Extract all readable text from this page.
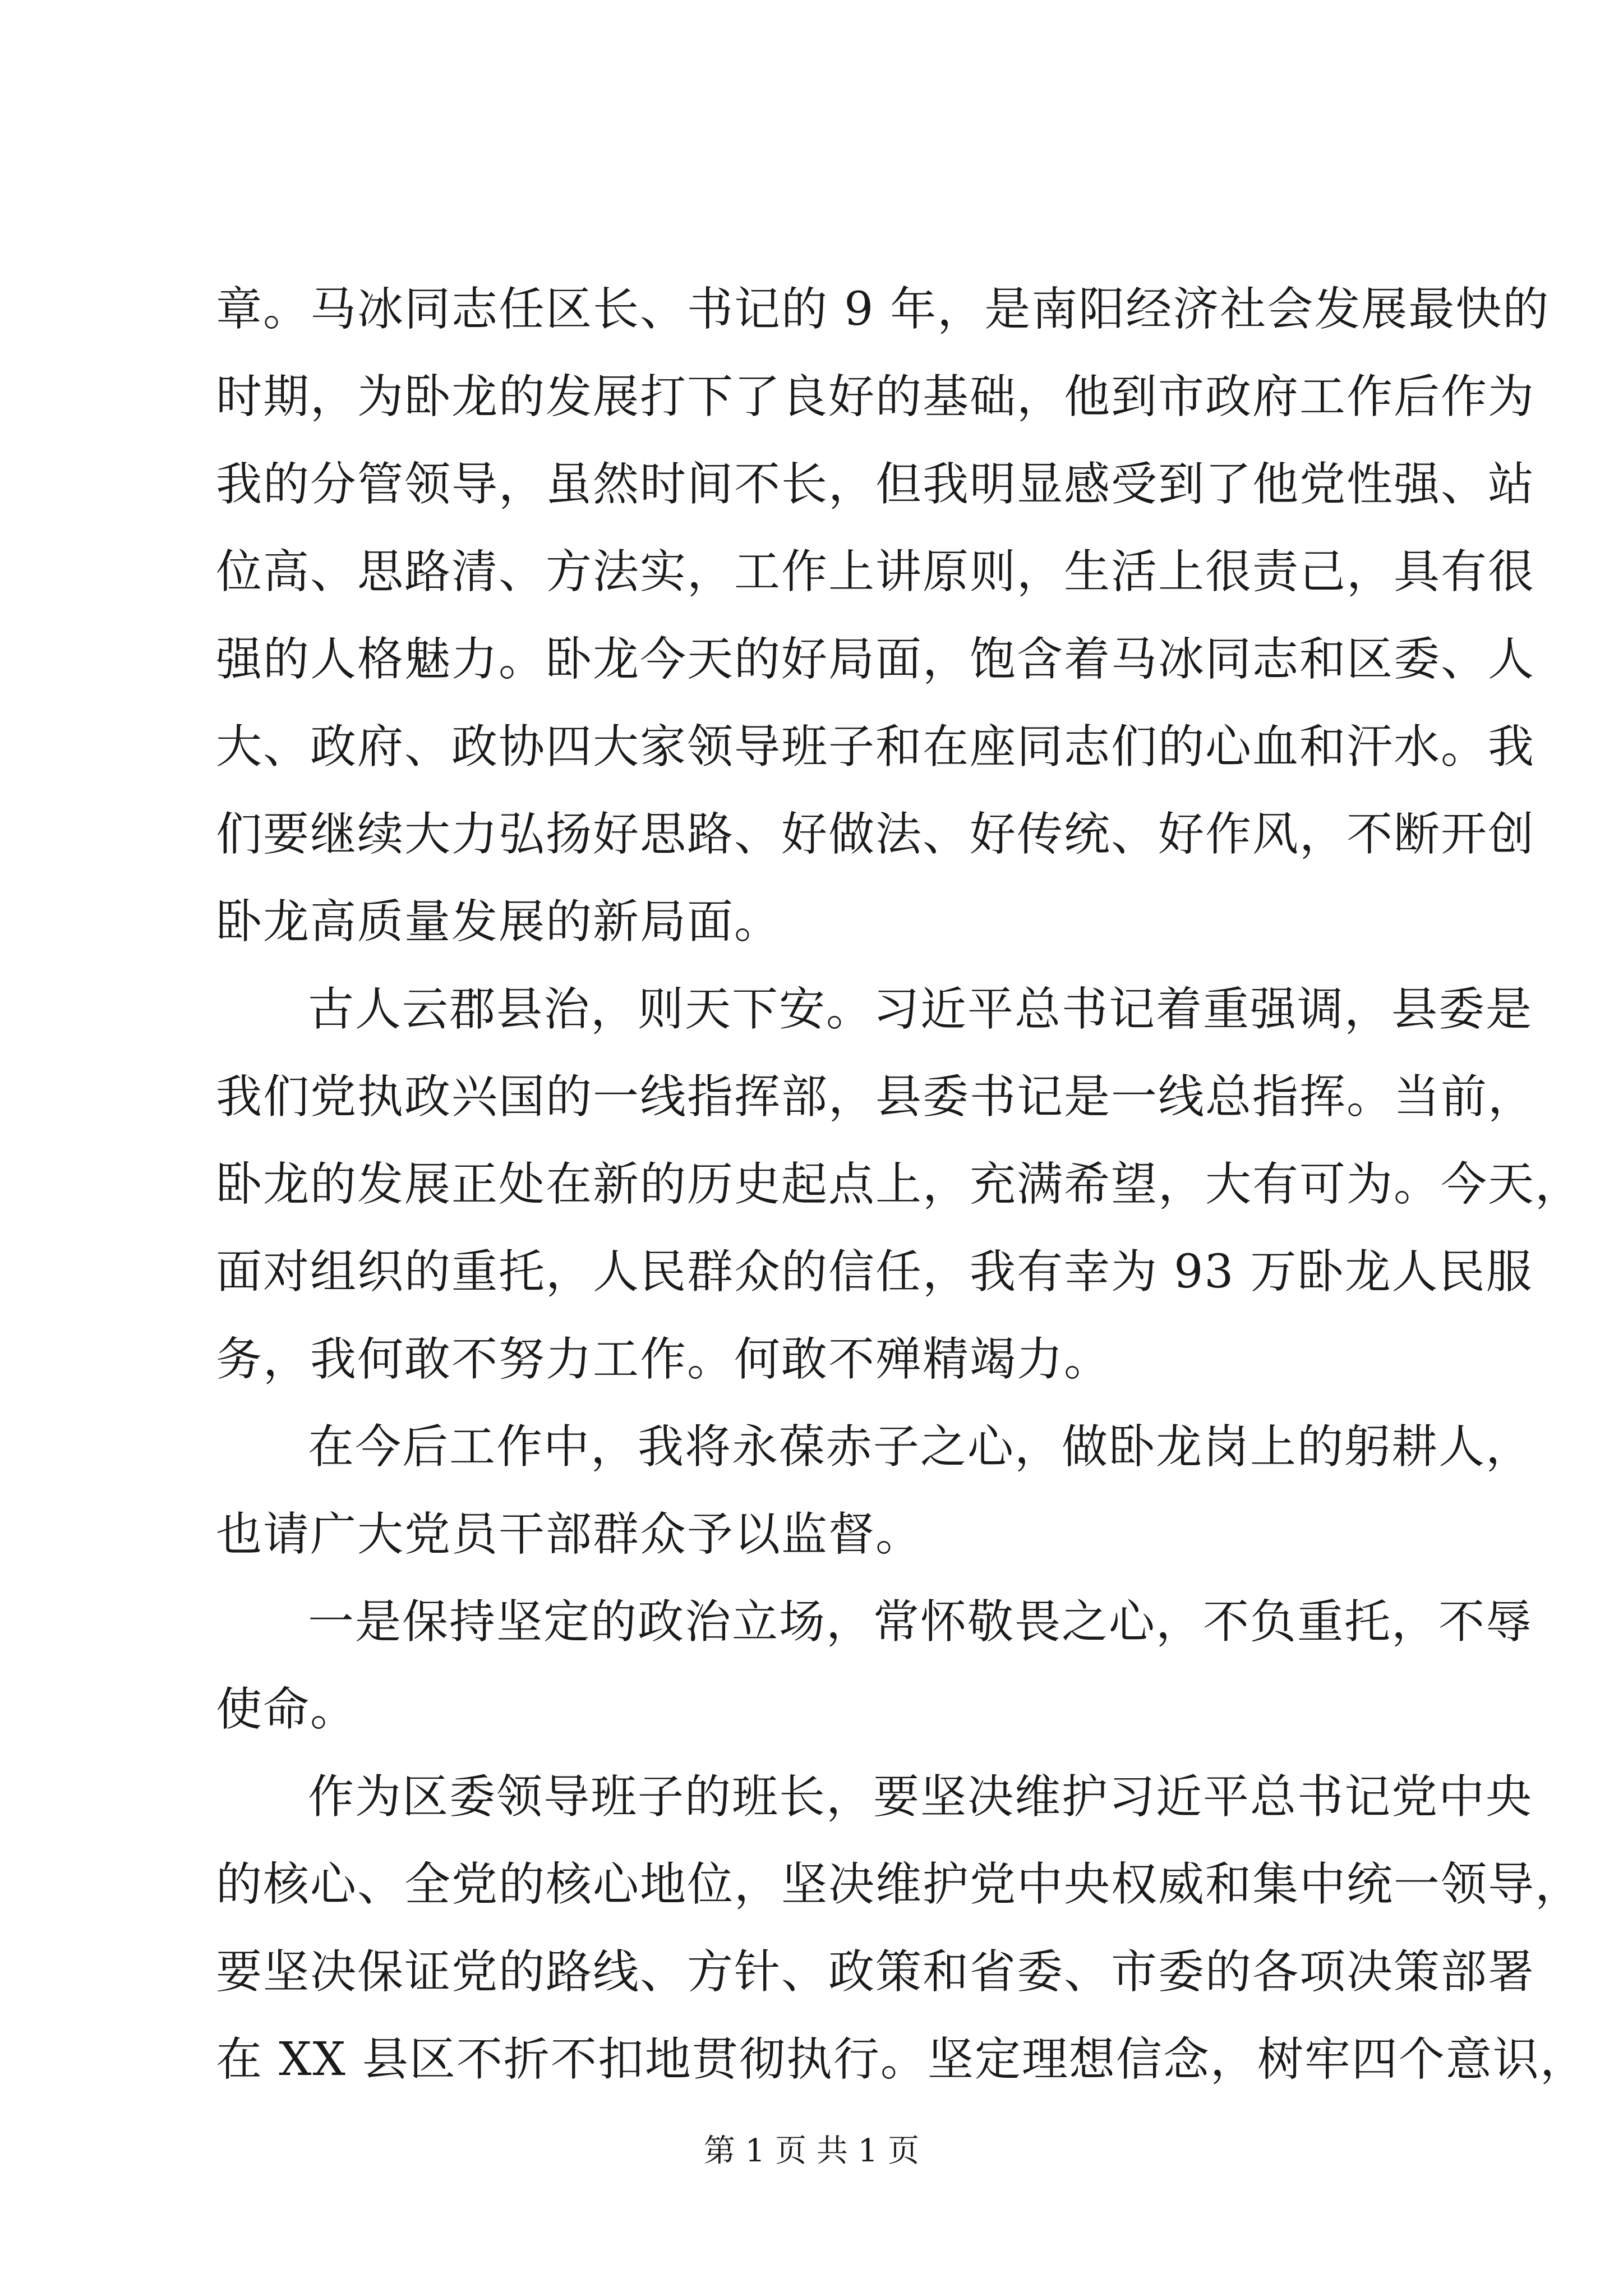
章。马冰同志任区长、书记的 9 年，是南阳经济社会发展最快的

时期，为卧龙的发展打下了良好的基础，他到市政府工作后作为

我的分管领导，虽然时间不长，但我明显感受到了他党性强、站

位高、思路清、方法实，工作上讲原则，生活上很责己，具有很

强的人格魅力。卧龙今天的好局面，饱含着马冰同志和区委、人

大、政府、政协四大家领导班子和在座同志们的心血和汗水。我

们要继续大力弘扬好思路、好做法、好传统、好作风，不断开创

卧龙高质量发展的新局面。

古人云郡县治，则天下安。习近平总书记着重强调，县委是

我们党执政兴国的一线指挥部，县委书记是一线总指挥。当前，

卧龙的发展正处在新的历史起点上，充满希望，大有可为。今天，

面对组织的重托，人民群众的信任，我有幸为 93 万卧龙人民服

务，我何敢不努力工作。何敢不殚精竭力。

在今后工作中，我将永葆赤子之心，做卧龙岗上的躬耕人，

也请广大党员干部群众予以监督。

一是保持坚定的政治立场，常怀敬畏之心，不负重托，不辱

使命。

作为区委领导班子的班长，要坚决维护习近平总书记党中央

的核心、全党的核心地位，坚决维护党中央权威和集中统一领导，

要坚决保证党的路线、方针、政策和省委、市委的各项决策部署

在 XX 县区不折不扣地贯彻执行。坚定理想信念，树牢四个意识，

第 1 页 共 1 页
